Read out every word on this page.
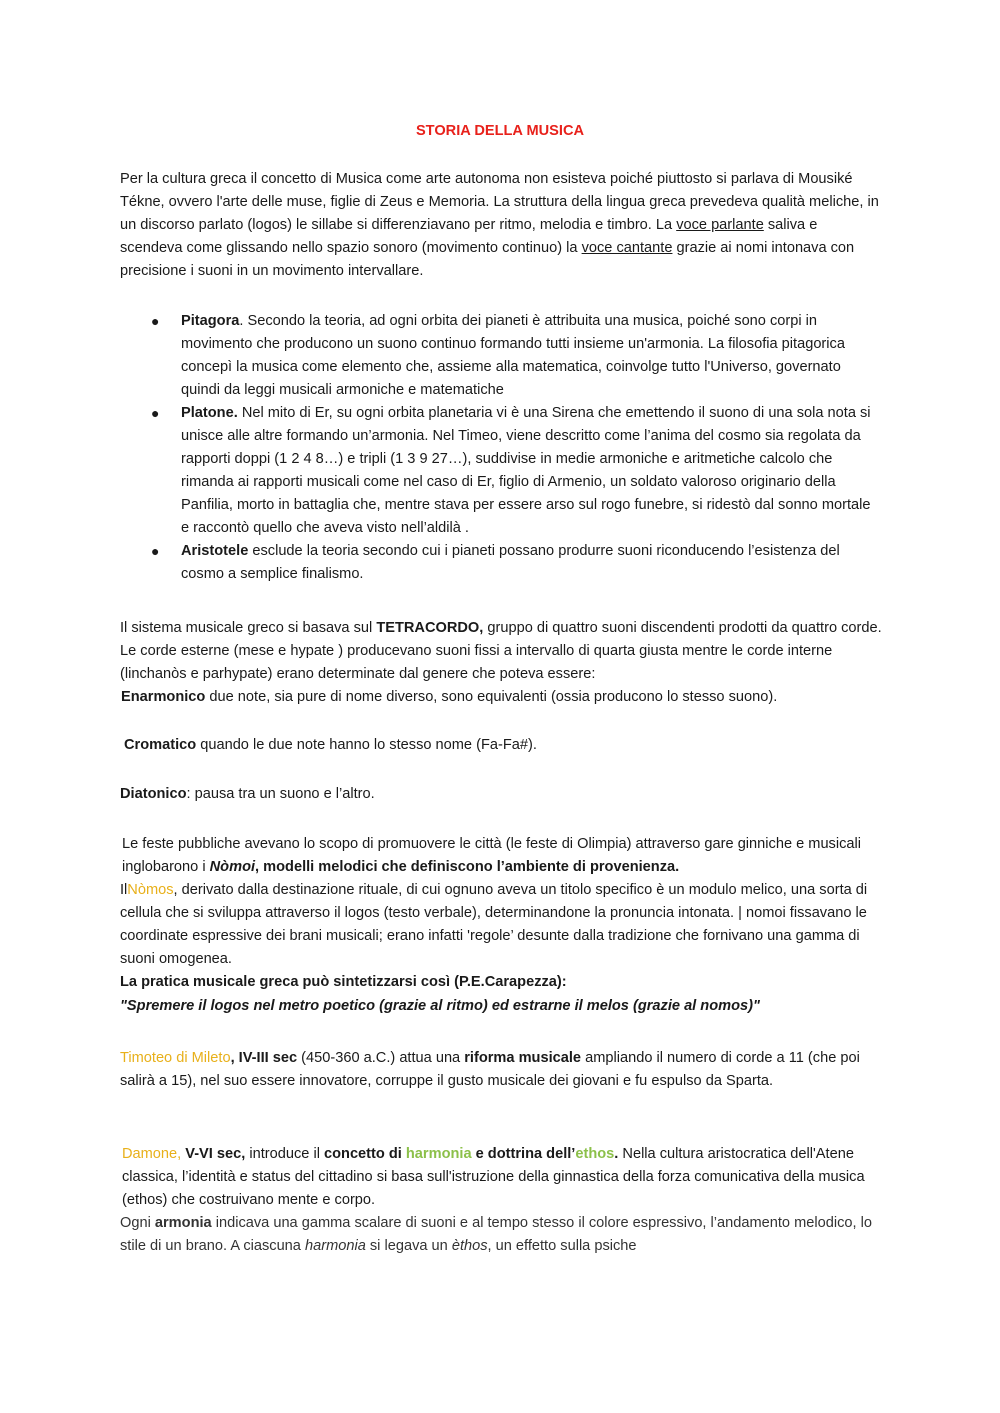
STORIA DELLA MUSICA

Per la cultura greca il concetto di Musica come arte autonoma non esisteva poiché piuttosto si parlava di Mousiké Tékne, ovvero l'arte delle muse, figlie di Zeus e Memoria. La struttura della lingua greca prevedeva qualità meliche, in un discorso parlato (logos) le sillabe si differenziavano per ritmo, melodia e timbro. La voce parlante saliva e scendeva come glissando nello spazio sonoro (movimento continuo) la voce cantante grazie ai nomi intonava con precisione i suoni in un movimento intervallare.

● Pitagora. Secondo la teoria, ad ogni orbita dei pianeti è attribuita una musica, poiché sono corpi in movimento che producono un suono continuo formando tutti insieme un'armonia. La filosofia pitagorica concepì la musica come elemento che, assieme alla matematica, coinvolge tutto l'Universo, governato quindi da leggi musicali armoniche e matematiche
● Platone. Nel mito di Er, su ogni orbita planetaria vi è una Sirena che emettendo il suono di una sola nota si unisce alle altre formando un’armonia. Nel Timeo, viene descritto come l’anima del cosmo sia regolata da rapporti doppi (1 2 4 8…) e tripli (1 3 9 27…), suddivise in medie armoniche e aritmetiche calcolo che rimanda ai rapporti musicali come nel caso di Er, figlio di Armenio, un soldato valoroso originario della Panfilia, morto in battaglia che, mentre stava per essere arso sul rogo funebre, si ridestò dal sonno mortale e raccontò quello che aveva visto nell’aldilà .
● Aristotele esclude la teoria secondo cui i pianeti possano produrre suoni riconducendo l’esistenza del cosmo a semplice finalismo.

Il sistema musicale greco si basava sul TETRACORDO, gruppo di quattro suoni discendenti prodotti da quattro corde. Le corde esterne (mese e hypate ) producevano suoni fissi a intervallo di quarta giusta mentre le corde interne (linchanòs e parhypate) erano determinate dal genere che poteva essere:

Enarmonico due note, sia pure di nome diverso, sono equivalenti (ossia producono lo stesso suono).

Cromatico quando le due note hanno lo stesso nome (Fa-Fa#).

Diatonico: pausa tra un suono e l’altro.

Le feste pubbliche avevano lo scopo di promuovere le città (le feste di Olimpia) attraverso gare ginniche e musicali inglobarono i Nòmoi, modelli melodici che definiscono l’ambiente di provenienza.

IlNòmos, derivato dalla destinazione rituale, di cui ognuno aveva un titolo specifico è un modulo melico, una sorta di cellula che si sviluppa attraverso il logos (testo verbale), determinandone la pronuncia intonata. | nomoi fissavano le coordinate espressive dei brani musicali; erano infatti 'regole’ desunte dalla tradizione che fornivano una gamma di suoni omogenea.

La pratica musicale greca può sintetizzarsi così (P.E.Carapezza):

"Spremere il logos nel metro poetico (grazie al ritmo) ed estrarne il melos (grazie al nomos)"

Timoteo di Mileto, IV-III sec (450-360 a.C.) attua una riforma musicale ampliando il numero di corde a 11 (che poi salirà a 15), nel suo essere innovatore, corruppe il gusto musicale dei giovani e fu espulso da Sparta.

Damone, V-VI sec, introduce il concetto di harmonia e dottrina dell’ethos. Nella cultura aristocratica dell'Atene classica, l’identità e status del cittadino si basa sull'istruzione della ginnastica della forza comunicativa della musica (ethos) che costruivano mente e corpo.

Ogni armonia indicava una gamma scalare di suoni e al tempo stesso il colore espressivo, l’andamento melodico, lo stile di un brano. A ciascuna harmonia si legava un èthos, un effetto sulla psiche
